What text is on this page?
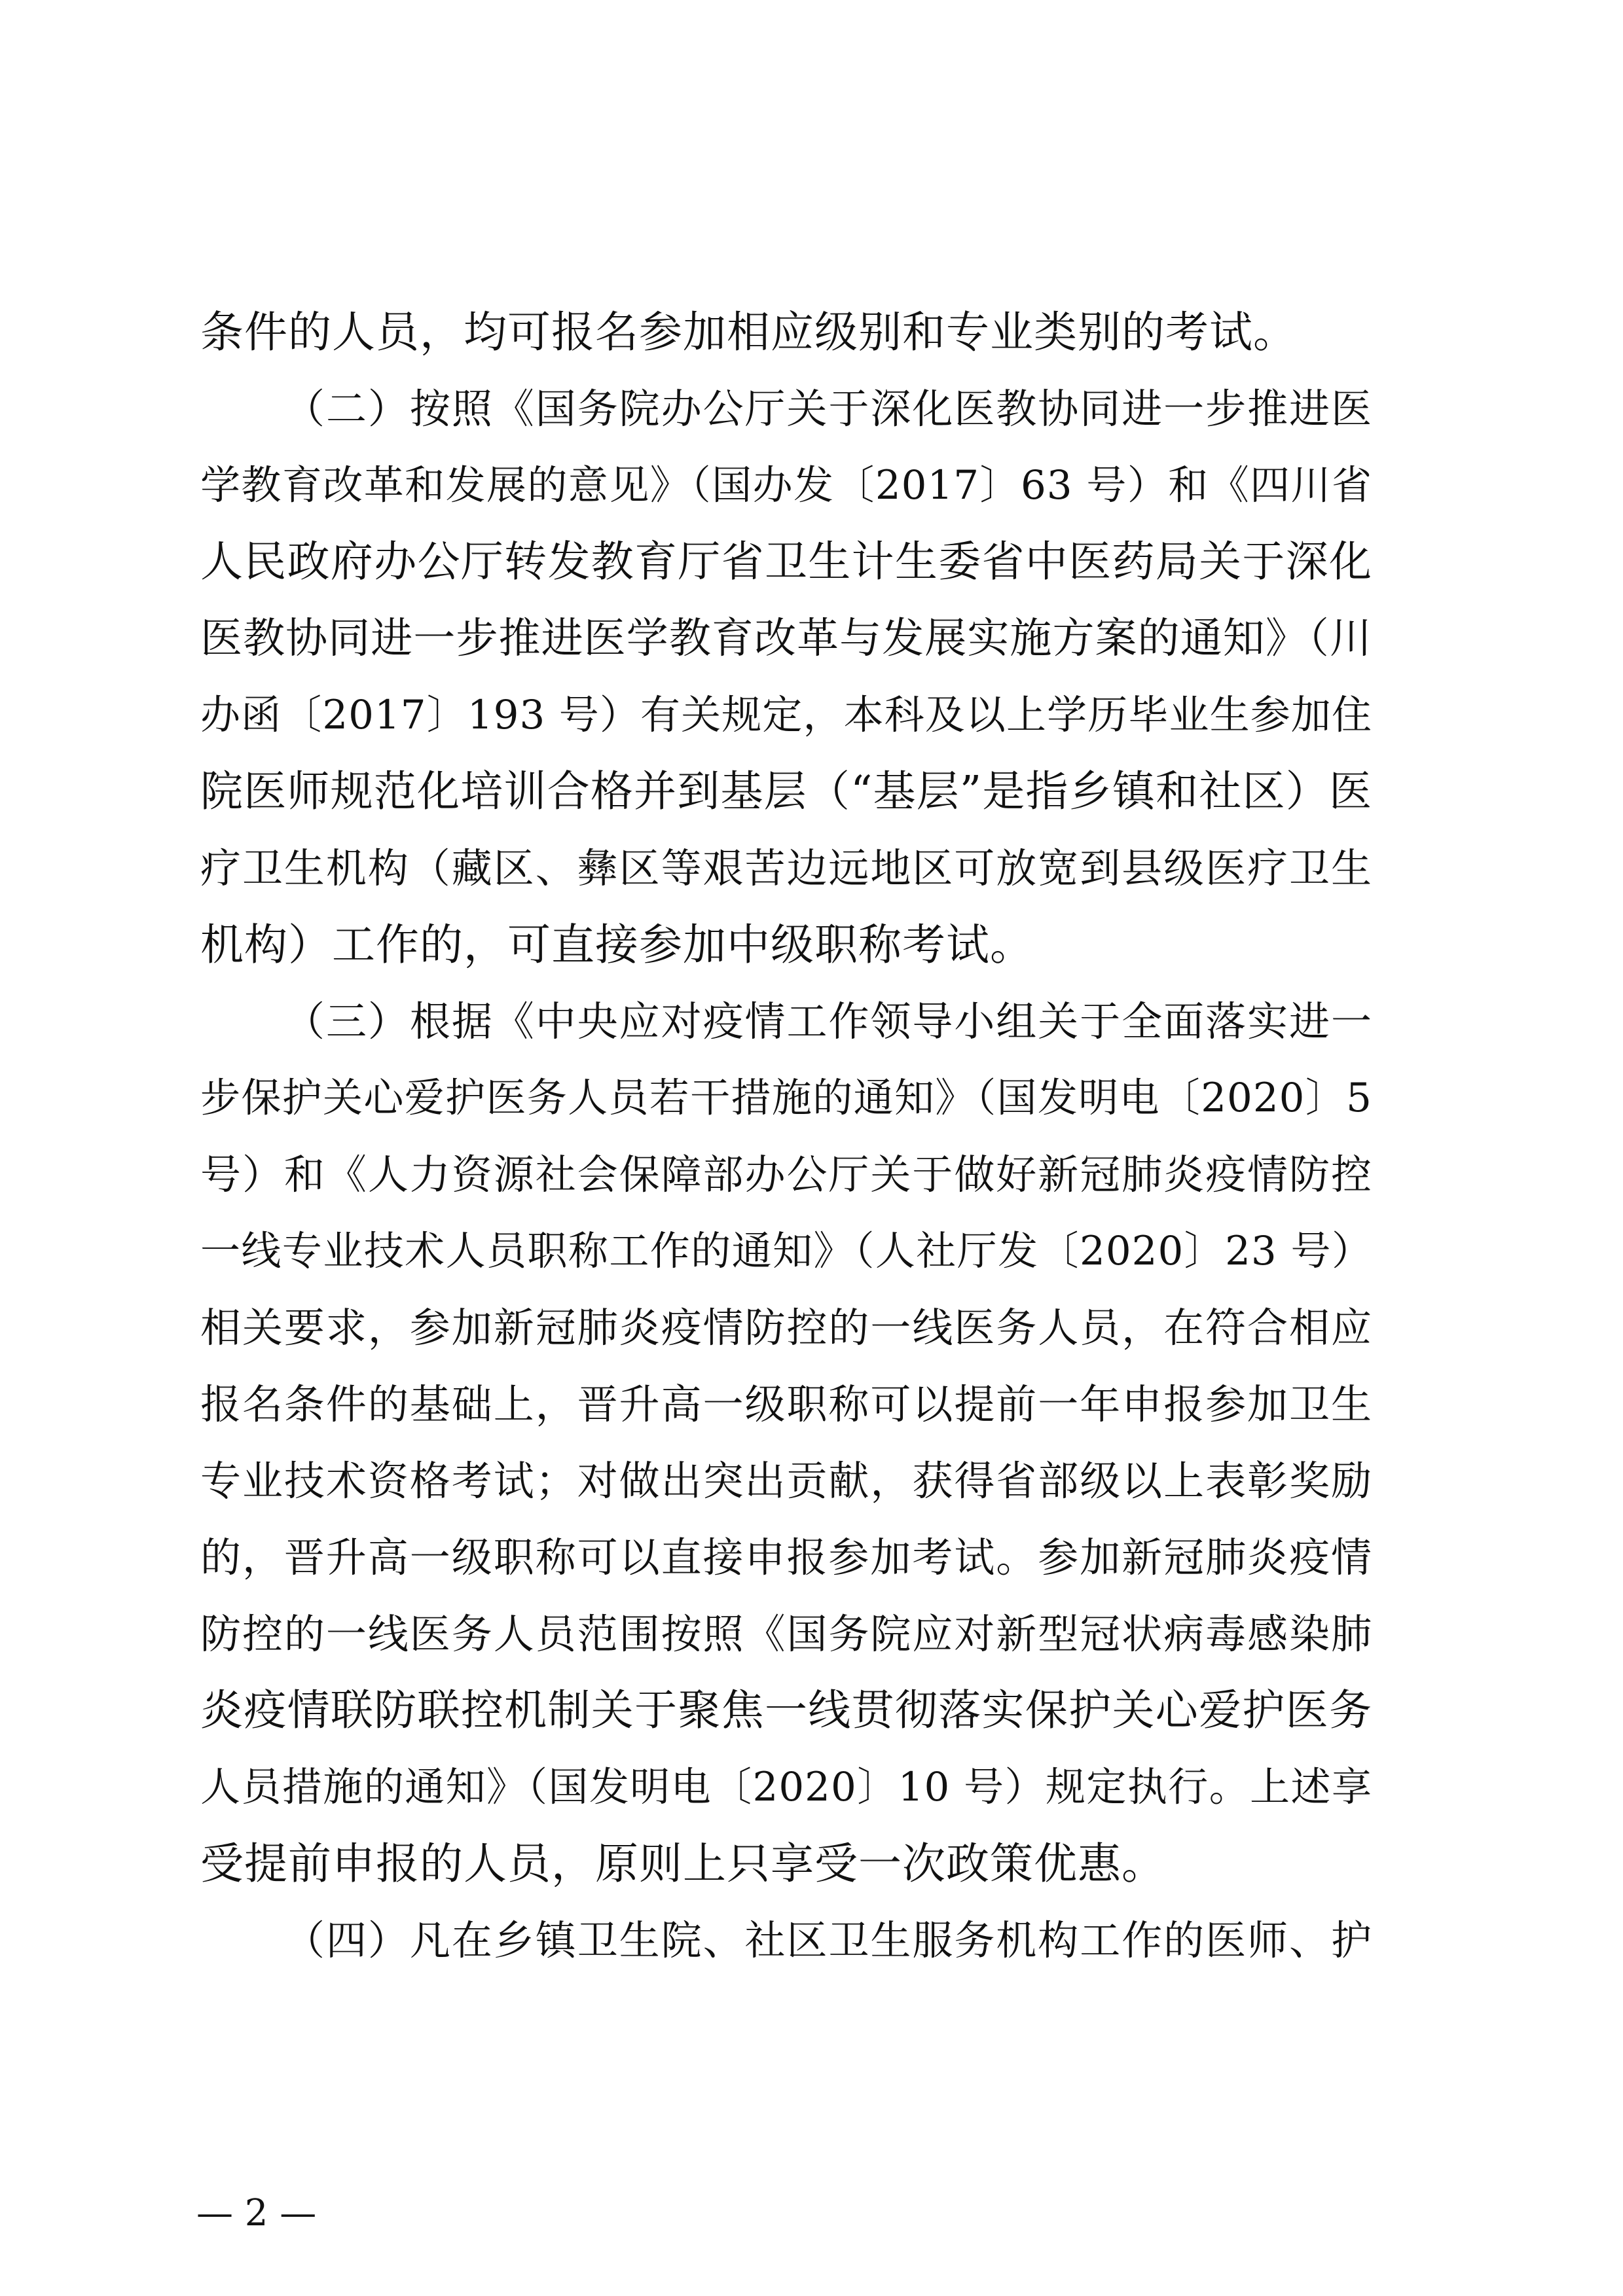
条件的人员，均可报名参加相应级别和专业类别的考试。
（二）按照《国务院办公厅关于深化医教协同进一步推进医
学教育改革和发展的意见》（国办发〔2017〕63 号）和《四川省
人民政府办公厅转发教育厅省卫生计生委省中医药局关于深化
医教协同进一步推进医学教育改革与发展实施方案的通知》（川
办函〔2017〕193 号）有关规定，本科及以上学历毕业生参加住
院医师规范化培训合格并到基层（“基层”是指乡镇和社区）医
疗卫生机构（藏区、彝区等艰苦边远地区可放宽到县级医疗卫生
机构）工作的，可直接参加中级职称考试。
（三）根据《中央应对疫情工作领导小组关于全面落实进一
步保护关心爱护医务人员若干措施的通知》（国发明电〔2020〕5
号）和《人力资源社会保障部办公厅关于做好新冠肺炎疫情防控
一线专业技术人员职称工作的通知》（人社厅发〔2020〕23 号）
相关要求，参加新冠肺炎疫情防控的一线医务人员，在符合相应
报名条件的基础上，晋升高一级职称可以提前一年申报参加卫生
专业技术资格考试；对做出突出贡献，获得省部级以上表彰奖励
的，晋升高一级职称可以直接申报参加考试。参加新冠肺炎疫情
防控的一线医务人员范围按照《国务院应对新型冠状病毒感染肺
炎疫情联防联控机制关于聚焦一线贯彻落实保护关心爱护医务
人员措施的通知》（国发明电〔2020〕10 号）规定执行。上述享
受提前申报的人员，原则上只享受一次政策优惠。
（四）凡在乡镇卫生院、社区卫生服务机构工作的医师、护
— 2 —
